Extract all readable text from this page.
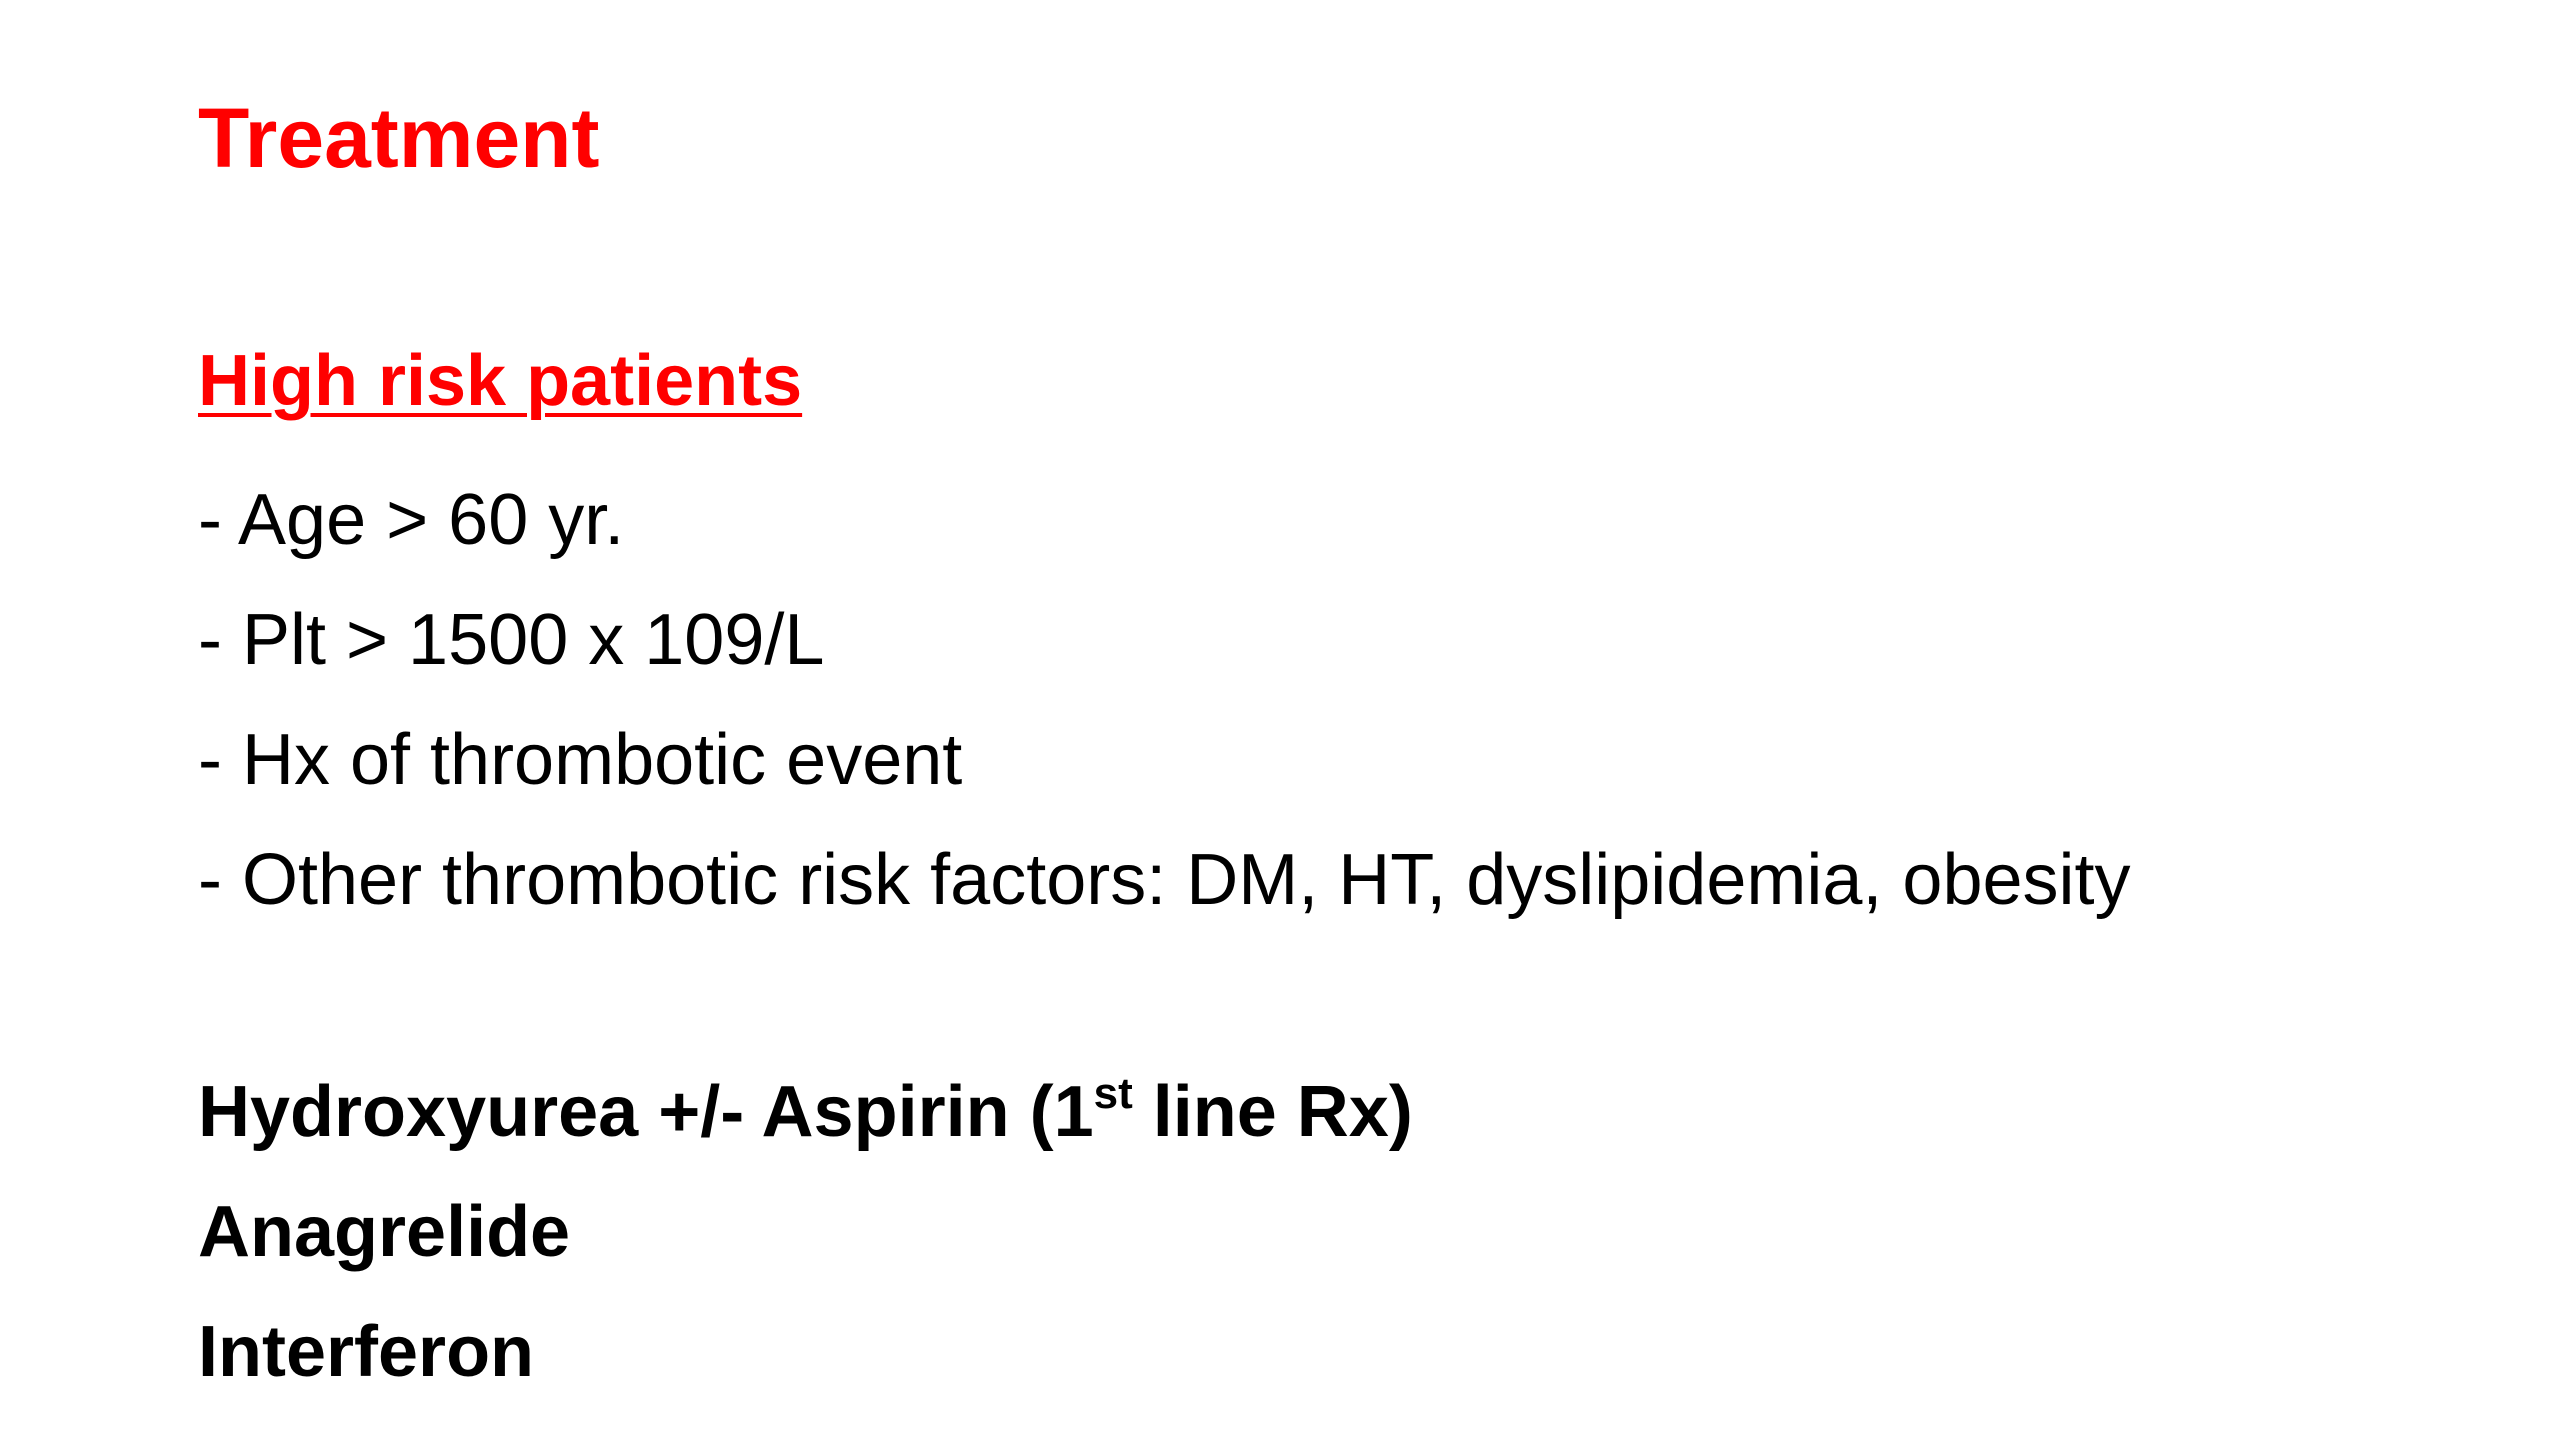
Treatment
High risk patients
- Age > 60 yr.
- Plt > 1500 x 109/L
- Hx of thrombotic event
- Other thrombotic risk factors: DM, HT, dyslipidemia, obesity
Hydroxyurea +/- Aspirin (1st line Rx)
Anagrelide
Interferon
